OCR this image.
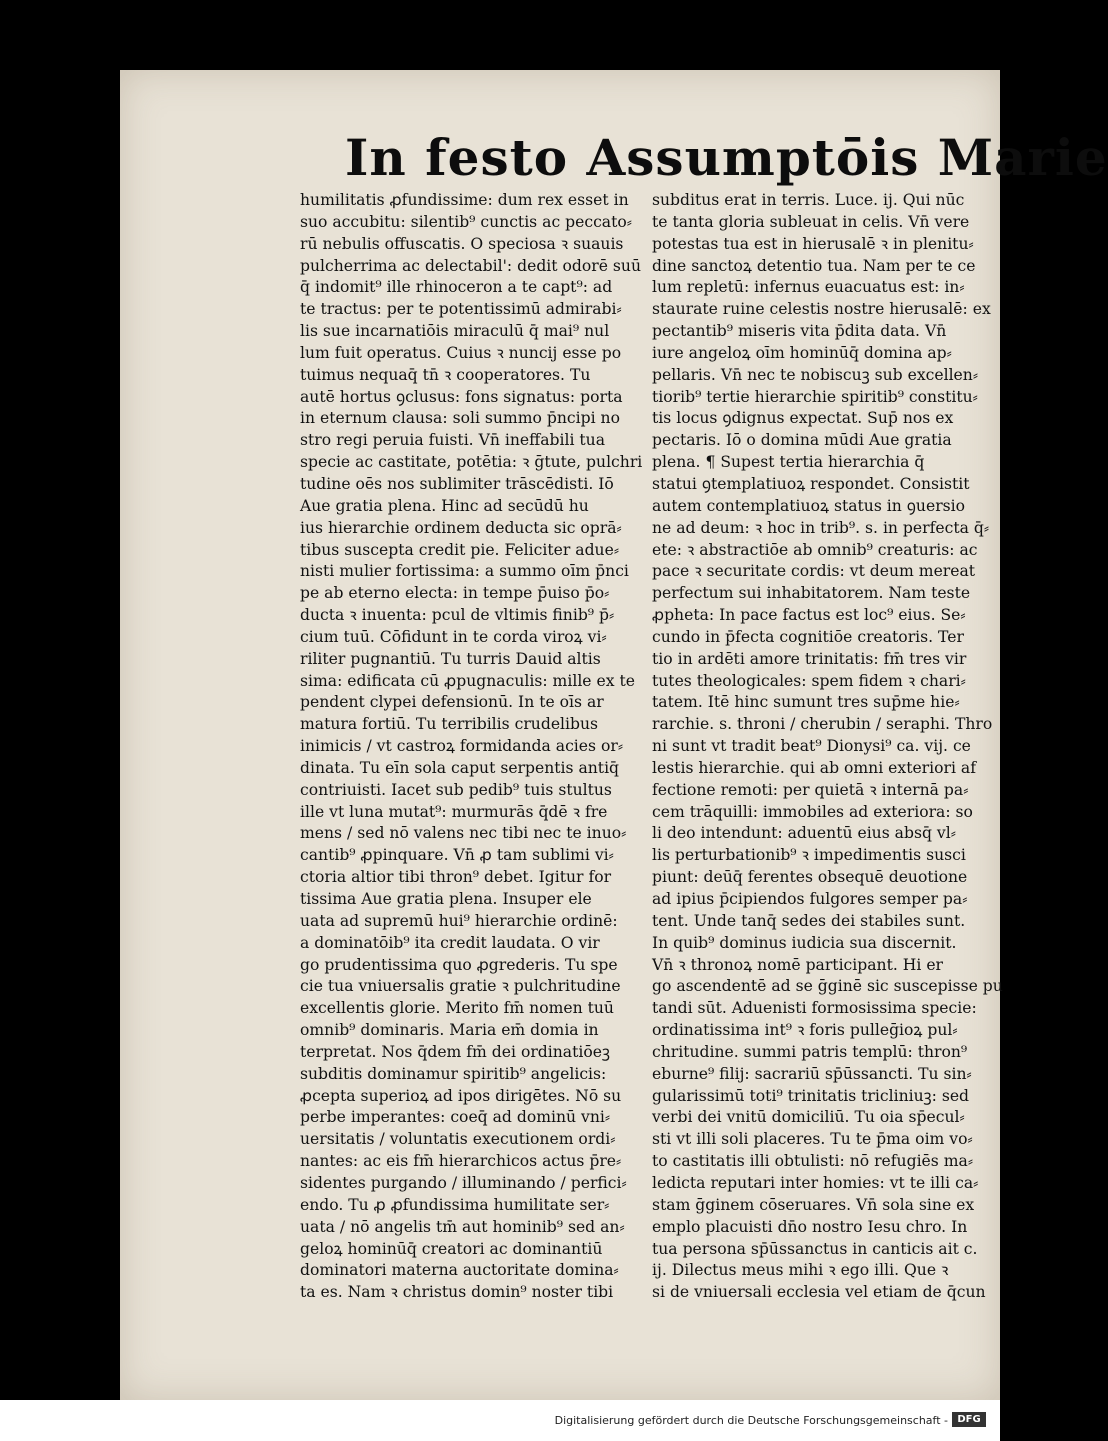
In festo Assumptōis Marie
humilitatis ꝓfundissime: dum rex esset in
suo accubitu: silentib⁹ cunctis ac peccato⸗
rū nebulis offuscatis. O speciosa ꝛ suauis
pulcherrima ac delectabil': dedit odorē suū
q̄ indomit⁹ ille rhinoceron a te capt⁹: ad
te tractus: per te potentissimū admirabi⸗
lis sue incarnatiōis miraculū q̄ mai⁹ nul
lum fuit operatus. Cuius ꝛ nuncij esse po
tuimus nequaq̄ tn̄ ꝛ cooperatores. Tu
autē hortus ꝯclusus: fons signatus: porta
in eternum clausa: soli summo p̄ncipi no
stro regi peruia fuisti. Vn̄ ineffabili tua
specie ac castitate, potētia: ꝛ ḡtute, pulchri
tudine oēs nos sublimiter trāscēdisti. Iō
Aue gratia plena. Hinc ad secūdū hu
ius hierarchie ordinem deducta sic oprā⸗
tibus suscepta credit pie. Feliciter adue⸗
nisti mulier fortissima: a summo oīm p̄nci
pe ab eterno electa: in tempe p̄uiso p̄o⸗
ducta ꝛ inuenta: pcul de vltimis finib⁹ p̄⸗
cium tuū. Cōfidunt in te corda viroꝝ vi⸗
riliter pugnantiū. Tu turris Dauid altis
sima: edificata cū ꝓpugnaculis: mille ex te
pendent clypei defensionū. In te oīs ar
matura fortiū. Tu terribilis crudelibus
inimicis / vt castroꝝ formidanda acies or⸗
dinata. Tu eīn sola caput serpentis antiq̄
contriuisti. Iacet sub pedib⁹ tuis stultus
ille vt luna mutat⁹: murmurās q̄dē ꝛ fre
mens / sed nō valens nec tibi nec te inuo⸗
cantib⁹ ꝓpinquare. Vn̄ ꝓ tam sublimi vi⸗
ctoria altior tibi thron⁹ debet. Igitur for
tissima Aue gratia plena. Insuper ele
uata ad supremū hui⁹ hierarchie ordinē:
a dominatōib⁹ ita credit laudata. O vir
go prudentissima quo ꝓgrederis. Tu spe
cie tua vniuersalis gratie ꝛ pulchritudine
excellentis glorie. Merito fm̄ nomen tuū
omnib⁹ dominaris. Maria em̄ domia in
terpretat. Nos q̄dem fm̄ dei ordinatiōeꝫ
subditis dominamur spiritib⁹ angelicis:
ꝓcepta superioꝝ ad ipos dirigētes. Nō su
perbe imperantes: coeq̄ ad dominū vni⸗
uersitatis / voluntatis executionem ordi⸗
nantes: ac eis fm̄ hierarchicos actus p̄re⸗
sidentes purgando / illuminando / perfici⸗
endo. Tu ꝓ ꝓfundissima humilitate ser⸗
uata / nō angelis tm̄ aut hominib⁹ sed an⸗
geloꝝ hominūq̄ creatori ac dominantiū
dominatori materna auctoritate domina⸗
ta es. Nam ꝛ christus domin⁹ noster tibi
subditus erat in terris. Luce. ij. Qui nūc
te tanta gloria subleuat in celis. Vn̄ vere
potestas tua est in hierusalē ꝛ in plenitu⸗
dine sanctoꝝ detentio tua. Nam per te ce
lum repletū: infernus euacuatus est: in⸗
staurate ruine celestis nostre hierusalē: ex
pectantib⁹ miseris vita p̄dita data. Vn̄
iure angeloꝝ oīm hominūq̄ domina ap⸗
pellaris. Vn̄ nec te nobiscuꝫ sub excellen⸗
tiorib⁹ tertie hierarchie spiritib⁹ constitu⸗
tis locus ꝯdignus expectat. Sup̄ nos ex
pectaris. Iō o domina mūdi Aue gratia
plena. ¶ Supest tertia hierarchia q̄
statui ꝯtemplatiuoꝝ respondet. Consistit
autem contemplatiuoꝝ status in ꝯuersio
ne ad deum: ꝛ hoc in trib⁹. s. in perfecta q̄⸗
ete: ꝛ abstractiōe ab omnib⁹ creaturis: ac
pace ꝛ securitate cordis: vt deum mereat
perfectum sui inhabitatorem. Nam teste
ꝓpheta: In pace factus est loc⁹ eius. Se⸗
cundo in p̄fecta cognitiōe creatoris. Ter
tio in ardēti amore trinitatis: fm̄ tres vir
tutes theologicales: spem fidem ꝛ chari⸗
tatem. Itē hinc sumunt tres sup̄me hie⸗
rarchie. s. throni / cherubin / seraphi. Thro
ni sunt vt tradit beat⁹ Dionysi⁹ ca. vij. ce
lestis hierarchie. qui ab omni exteriori af
fectione remoti: per quietā ꝛ internā pa⸗
cem trāquilli: immobiles ad exteriora: so
li deo intendunt: aduentū eius absq̄ vl⸗
lis perturbationib⁹ ꝛ impedimentis susci
piunt: deūq̄ ferentes obsequē deuotione
ad ipius p̄cipiendos fulgores semper pa⸗
tent. Unde tanq̄ sedes dei stabiles sunt.
In quib⁹ dominus iudicia sua discernit.
Vn̄ ꝛ thronoꝝ nomē participant. Hi er
go ascendentē ad se ḡginē sic suscepisse pu
tandi sūt. Aduenisti formosissima specie:
ordinatissima int⁹ ꝛ foris pulleḡioꝝ pul⸗
chritudine. summi patris templū: thron⁹
eburne⁹ filij: sacrariū sp̄ūssancti. Tu sin⸗
gularissimū toti⁹ trinitatis tricliniuꝫ: sed
verbi dei vnitū domiciliū. Tu oia sp̄ecul⸗
sti vt illi soli placeres. Tu te p̄ma oim vo⸗
to castitatis illi obtulisti: nō refugiēs ma⸗
ledicta reputari inter homies: vt te illi ca⸗
stam ḡginem cōseruares. Vn̄ sola sine ex
emplo placuisti dn̄o nostro Iesu chro. In
tua persona sp̄ūssanctus in canticis ait c.
ij. Dilectus meus mihi ꝛ ego illi. Que ꝛ
si de vniuersali ecclesia vel etiam de q̄cun
Digitalisierung gefördert durch die Deutsche Forschungsgemeinschaft - DFG
